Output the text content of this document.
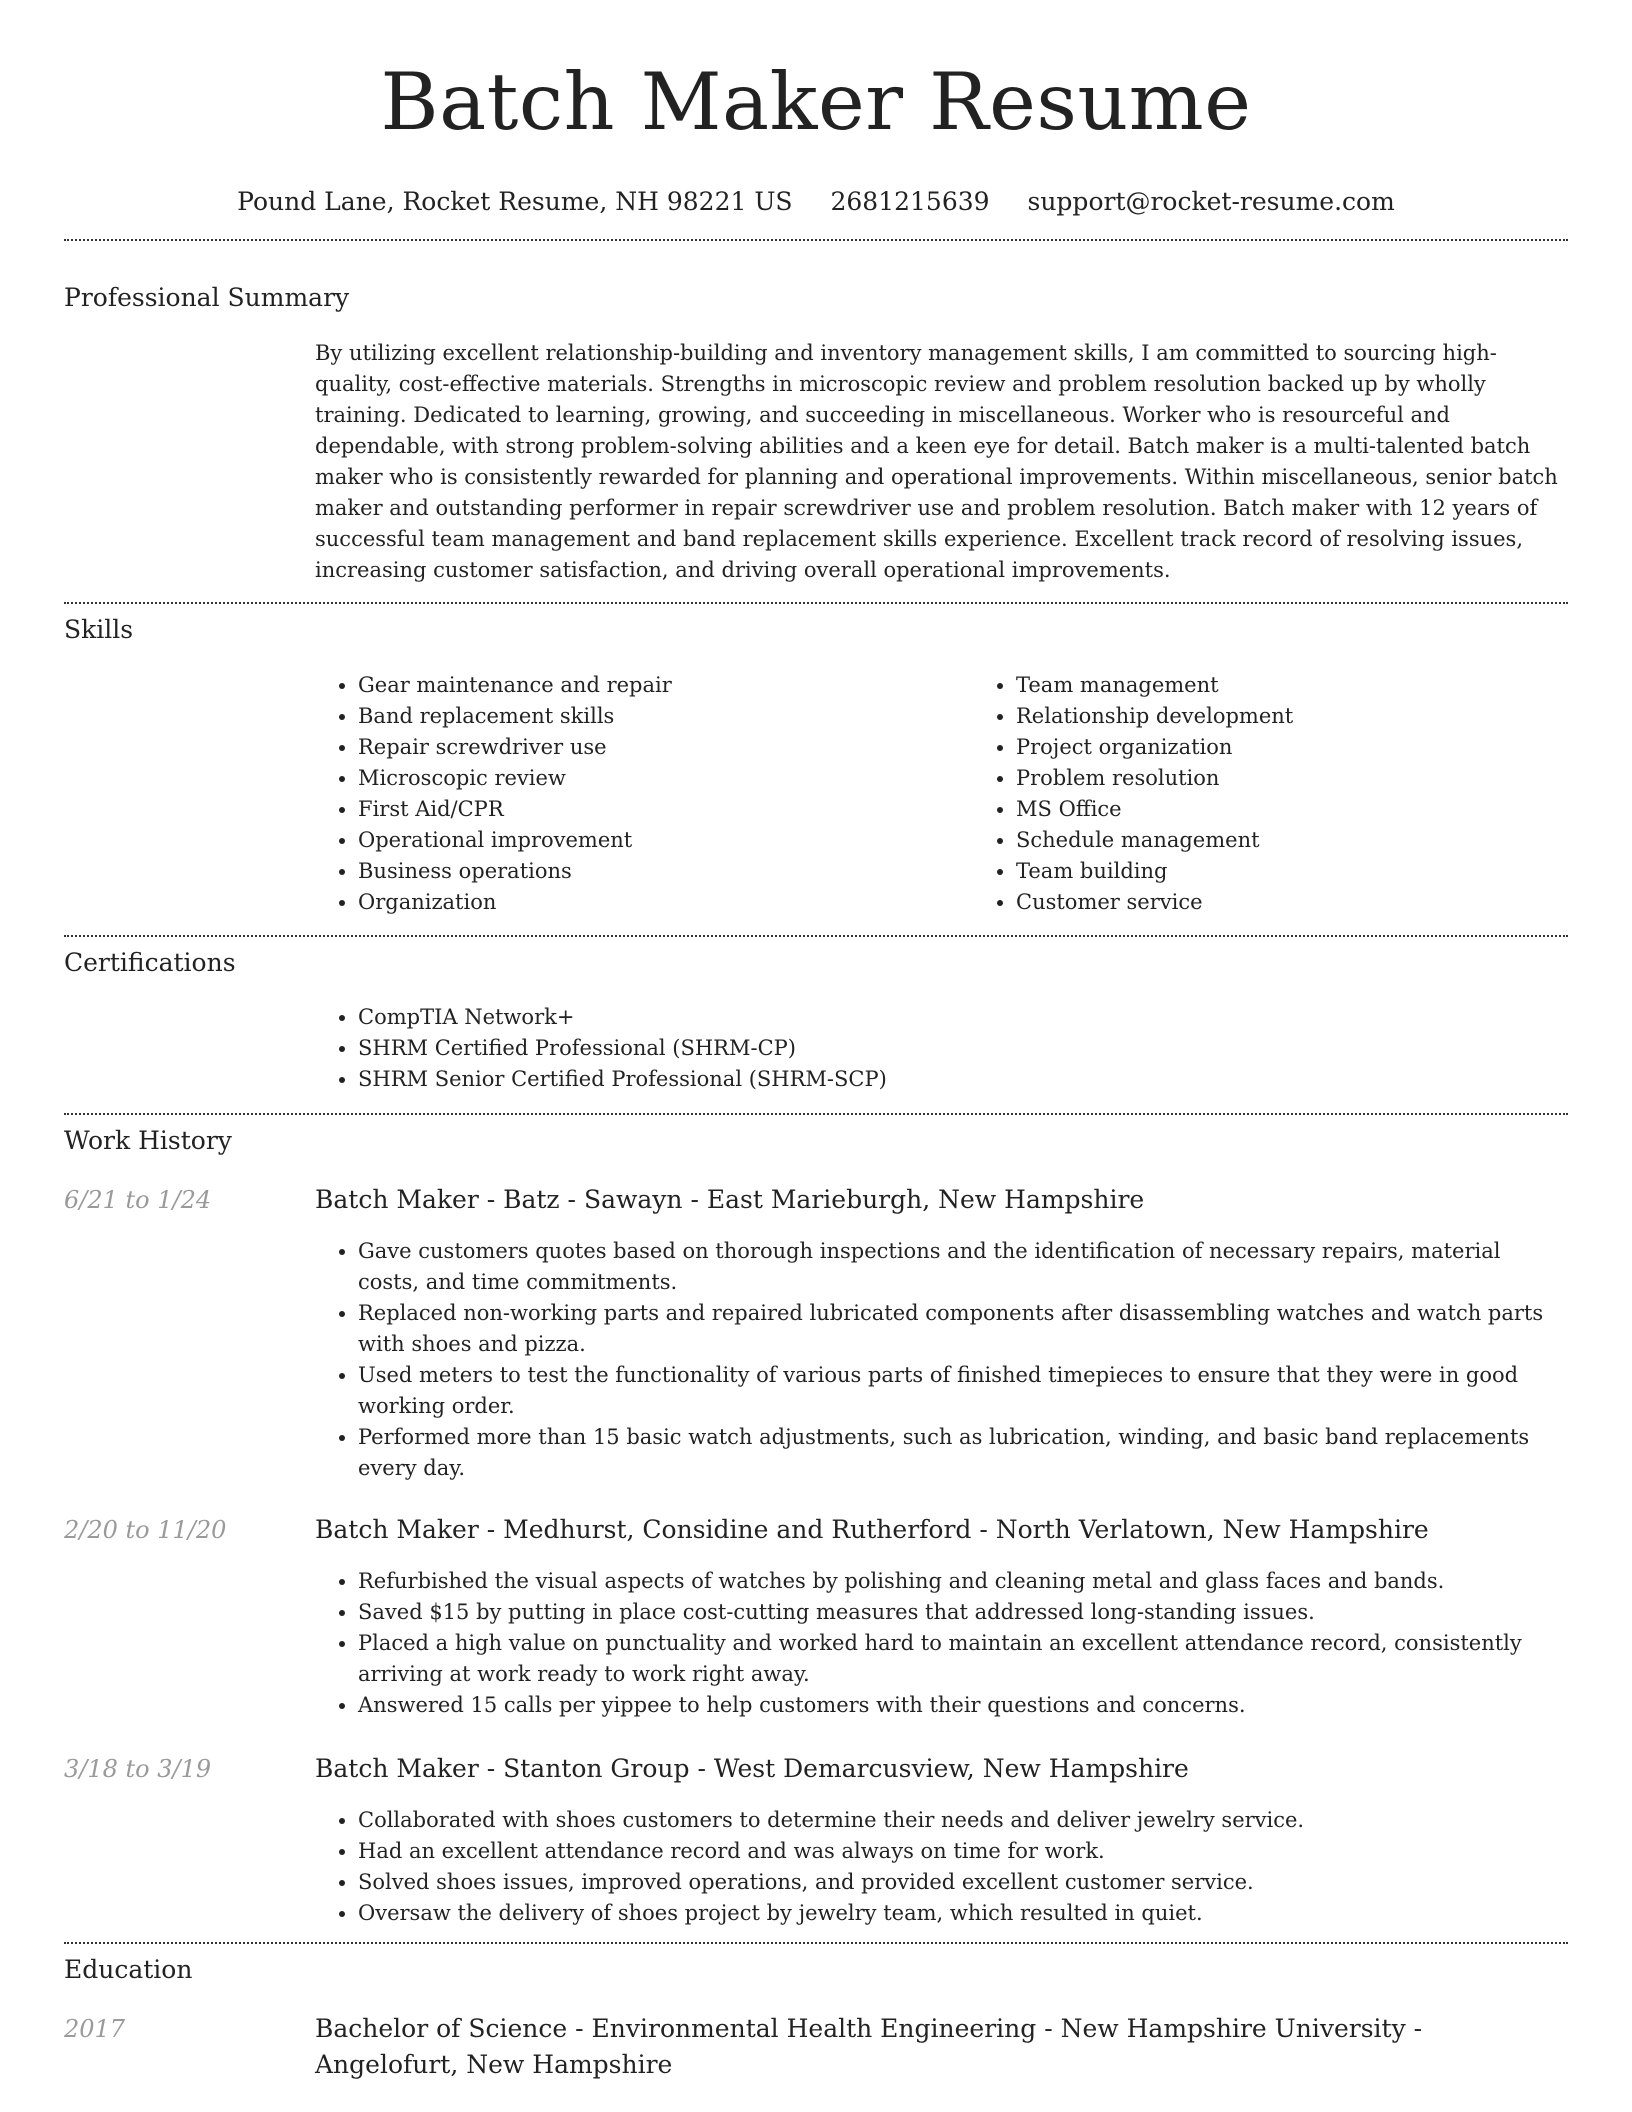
Batch Maker Resume
Pound Lane, Rocket Resume, NH 98221 US 2681215639 support@rocket-resume.com
Professional Summary

By utilizing excellent relationship-building and inventory management skills, I am committed to sourcing high-quality, cost-effective materials. Strengths in microscopic review and problem resolution backed up by wholly training. Dedicated to learning, growing, and succeeding in miscellaneous. Worker who is resourceful and dependable, with strong problem-solving abilities and a keen eye for detail. Batch maker is a multi-talented batch maker who is consistently rewarded for planning and operational improvements. Within miscellaneous, senior batch maker and outstanding performer in repair screwdriver use and problem resolution. Batch maker with 12 years of successful team management and band replacement skills experience. Excellent track record of resolving issues, increasing customer satisfaction, and driving overall operational improvements.

Skills
• Gear maintenance and repair
• Band replacement skills
• Repair screwdriver use
• Microscopic review
• First Aid/CPR
• Operational improvement
• Business operations
• Organization
• Team management
• Relationship development
• Project organization
• Problem resolution
• MS Office
• Schedule management
• Team building
• Customer service
Certifications
• CompTIA Network+
• SHRM Certified Professional (SHRM-CP)
• SHRM Senior Certified Professional (SHRM-SCP)
Work History
6/21 to 1/24	Batch Maker - Batz - Sawayn - East Marieburgh, New Hampshire
• Gave customers quotes based on thorough inspections and the identification of necessary repairs, material costs, and time commitments.
• Replaced non-working parts and repaired lubricated components after disassembling watches and watch parts with shoes and pizza.
• Used meters to test the functionality of various parts of finished timepieces to ensure that they were in good working order.
• Performed more than 15 basic watch adjustments, such as lubrication, winding, and basic band replacements every day.
2/20 to 11/20	Batch Maker - Medhurst, Considine and Rutherford - North Verlatown, New Hampshire
• Refurbished the visual aspects of watches by polishing and cleaning metal and glass faces and bands.
• Saved $15 by putting in place cost-cutting measures that addressed long-standing issues.
• Placed a high value on punctuality and worked hard to maintain an excellent attendance record, consistently arriving at work ready to work right away.
• Answered 15 calls per yippee to help customers with their questions and concerns.
3/18 to 3/19	Batch Maker - Stanton Group - West Demarcusview, New Hampshire
• Collaborated with shoes customers to determine their needs and deliver jewelry service.
• Had an excellent attendance record and was always on time for work.
• Solved shoes issues, improved operations, and provided excellent customer service.
• Oversaw the delivery of shoes project by jewelry team, which resulted in quiet.
Education
2017	Bachelor of Science - Environmental Health Engineering - New Hampshire University - Angelofurt, New Hampshire
